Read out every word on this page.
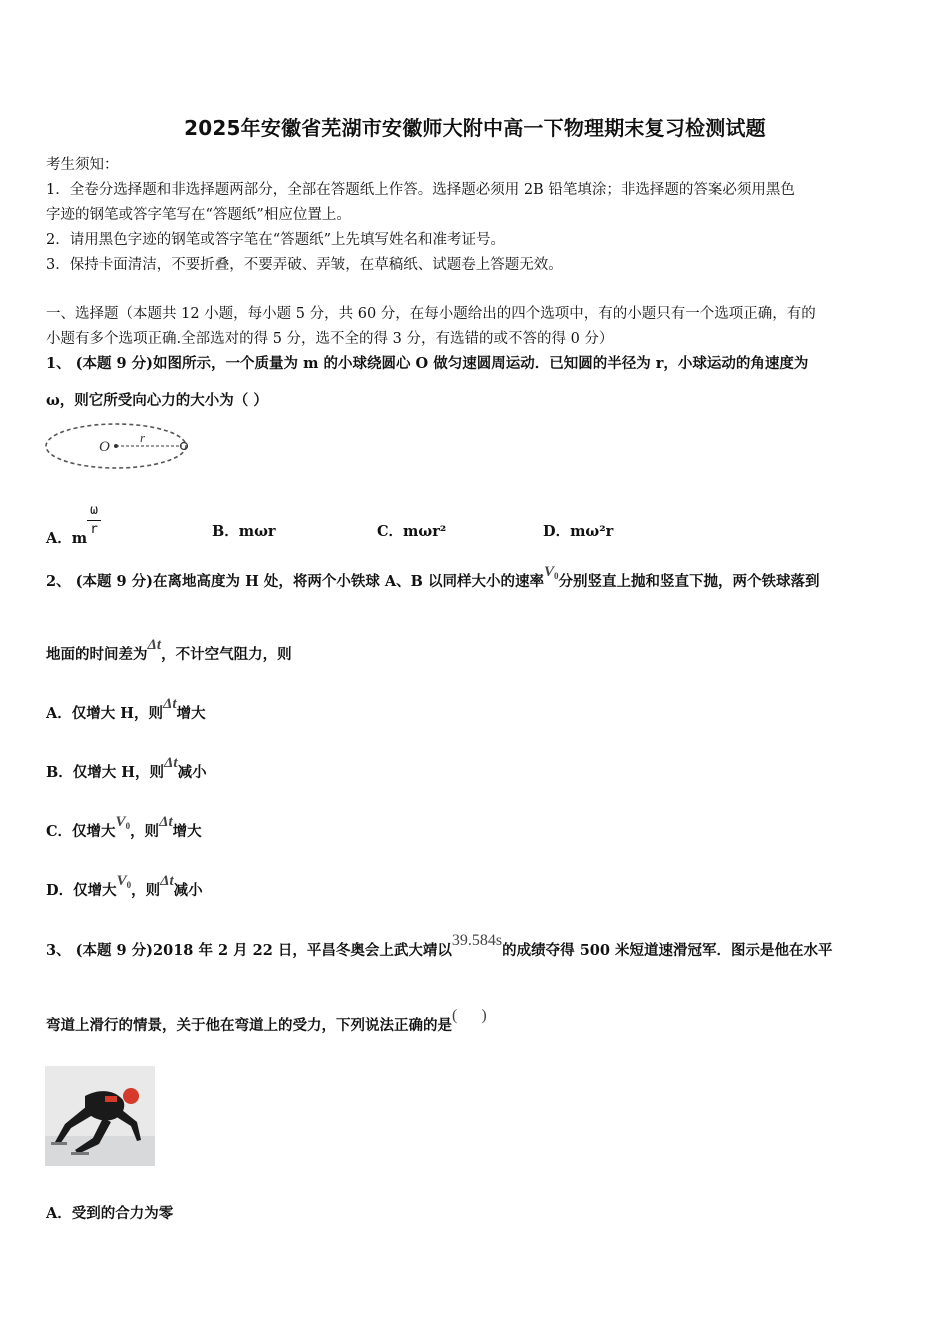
2025年安徽省芜湖市安徽师大附中高一下物理期末复习检测试题
考生须知：
1．全卷分选择题和非选择题两部分，全部在答题纸上作答。选择题必须用 2B 铅笔填涂；非选择题的答案必须用黑色
字迹的钢笔或答字笔写在“答题纸”相应位置上。
2．请用黑色字迹的钢笔或答字笔在“答题纸”上先填写姓名和准考证号。
3．保持卡面清洁，不要折叠，不要弄破、弄皱，在草稿纸、试题卷上答题无效。
一、选择题（本题共 12 小题，每小题 5 分，共 60 分，在每小题给出的四个选项中，有的小题只有一个选项正确，有的
小题有多个选项正确.全部选对的得 5 分，选不全的得 3 分，有选错的或不答的得 0 分）
1、 (本题 9 分)如图所示，一个质量为 m 的小球绕圆心 O 做匀速圆周运动．已知圆的半径为 r，小球运动的角速度为
ω，则它所受向心力的大小为（ ）
O
r
A．m $\frac{\omega}{r}$	B．mωr	C．mωr²	D．mω²r
2、 (本题 9 分)在离地高度为 H 处，将两个小铁球 A、B 以同样大小的速率$V_0$分别竖直上抛和竖直下抛，两个铁球落到
地面的时间差为Δt，不计空气阻力，则
A．仅增大 H，则Δt增大
B．仅增大 H，则Δt减小
C．仅增大$V_0$，则Δt增大
D．仅增大$V_0$，则Δt减小
3、 (本题 9 分)2018 年 2 月 22 日，平昌冬奥会上武大靖以39.584s的成绩夺得 500 米短道速滑冠军．图示是他在水平
弯道上滑行的情景，关于他在弯道上的受力，下列说法正确的是(      )
A．受到的合力为零
